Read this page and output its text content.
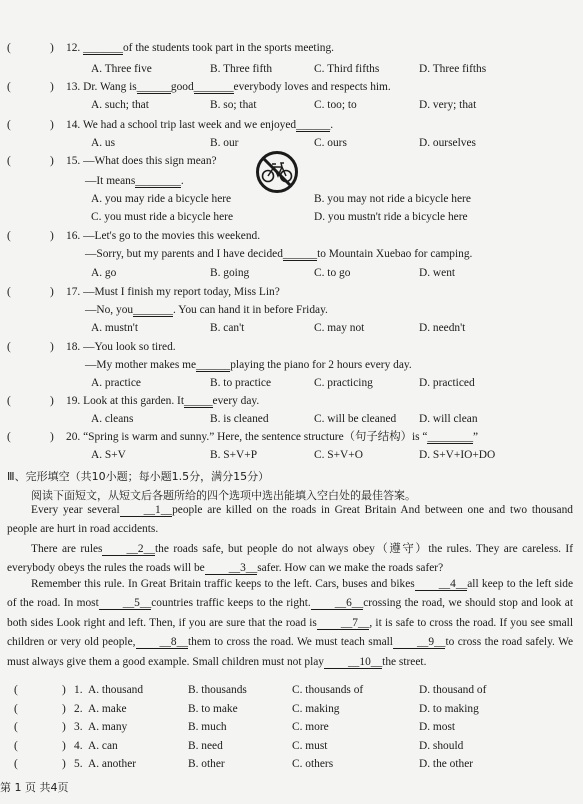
(	) 12. _______of the students took part in the sports meeting.
A. Three five	B. Three fifth	C. Third fifths	D. Three fifths
(	) 13. Dr. Wang is______good_______everybody loves and respects him.
A. such; that	B. so; that	C. too; to	D. very; that
(	) 14. We had a school trip last week and we enjoyed______.
A. us	B. our	C. ours	D. ourselves
(	) 15. —What does this sign mean?
—It means________.
A. you may ride a bicycle here	B. you may not ride a bicycle here
C. you must ride a bicycle here	D. you mustn't ride a bicycle here
(	) 16. —Let's go to the movies this weekend.
—Sorry, but my parents and I have decided______to Mountain Xuebao for camping.
A. go	B. going	C. to go	D. went
(	) 17. —Must I finish my report today, Miss Lin?
—No, you_______. You can hand it in before Friday.
A. mustn't	B. can't	C. may not	D. needn't
(	) 18. —You look so tired.
—My mother makes me______playing the piano for 2 hours every day.
A. practice	B. to practice	C. practicing	D. practiced
(	) 19. Look at this garden. It_____every day.
A. cleans	B. is cleaned	C. will be cleaned D. will clean
(	) 20. “Spring is warm and sunny.” Here, the sentence structure（句子结构）is “________”
A. S+V	B. S+V+P	C. S+V+O	D. S+V+IO+DO
Ⅲ、完形填空（共10小题；每小题1.5分，满分15分）
阅读下面短文，从短文后各题所给的四个选项中选出能填入空白处的最佳答案。
Every year several __1__people are killed on the roads in Great Britain And between one and two thousand people are hurt in road accidents.
There are rules __2__the roads safe, but people do not always obey（遵守）the rules. They are careless. If everybody obeys the rules the roads will be __3__safer. How can we make the roads safer?
Remember this rule. In Great Britain traffic keeps to the left. Cars, buses and bikes __4__all keep to the left side of the road. In most __5__countries traffic keeps to the right. __6__crossing the road, we should stop and look at both sides Look right and left. Then, if you are sure that the road is __7__, it is safe to cross the road. If you see small children or very old people, __8__them to cross the road. We must teach small __9__to cross the road safely. We must always give them a good example. Small children must not play __10__the street.
(	) 1. A. thousand	B. thousands	C. thousands of	D. thousand of
(	) 2. A. make	B. to make	C. making	D. to making
(	) 3. A. many	B. much	C. more	D. most
(	) 4. A. can	B. need	C. must	D. should
(	) 5. A. another	B. other	C. others	D. the other
第 1 页 共4页
